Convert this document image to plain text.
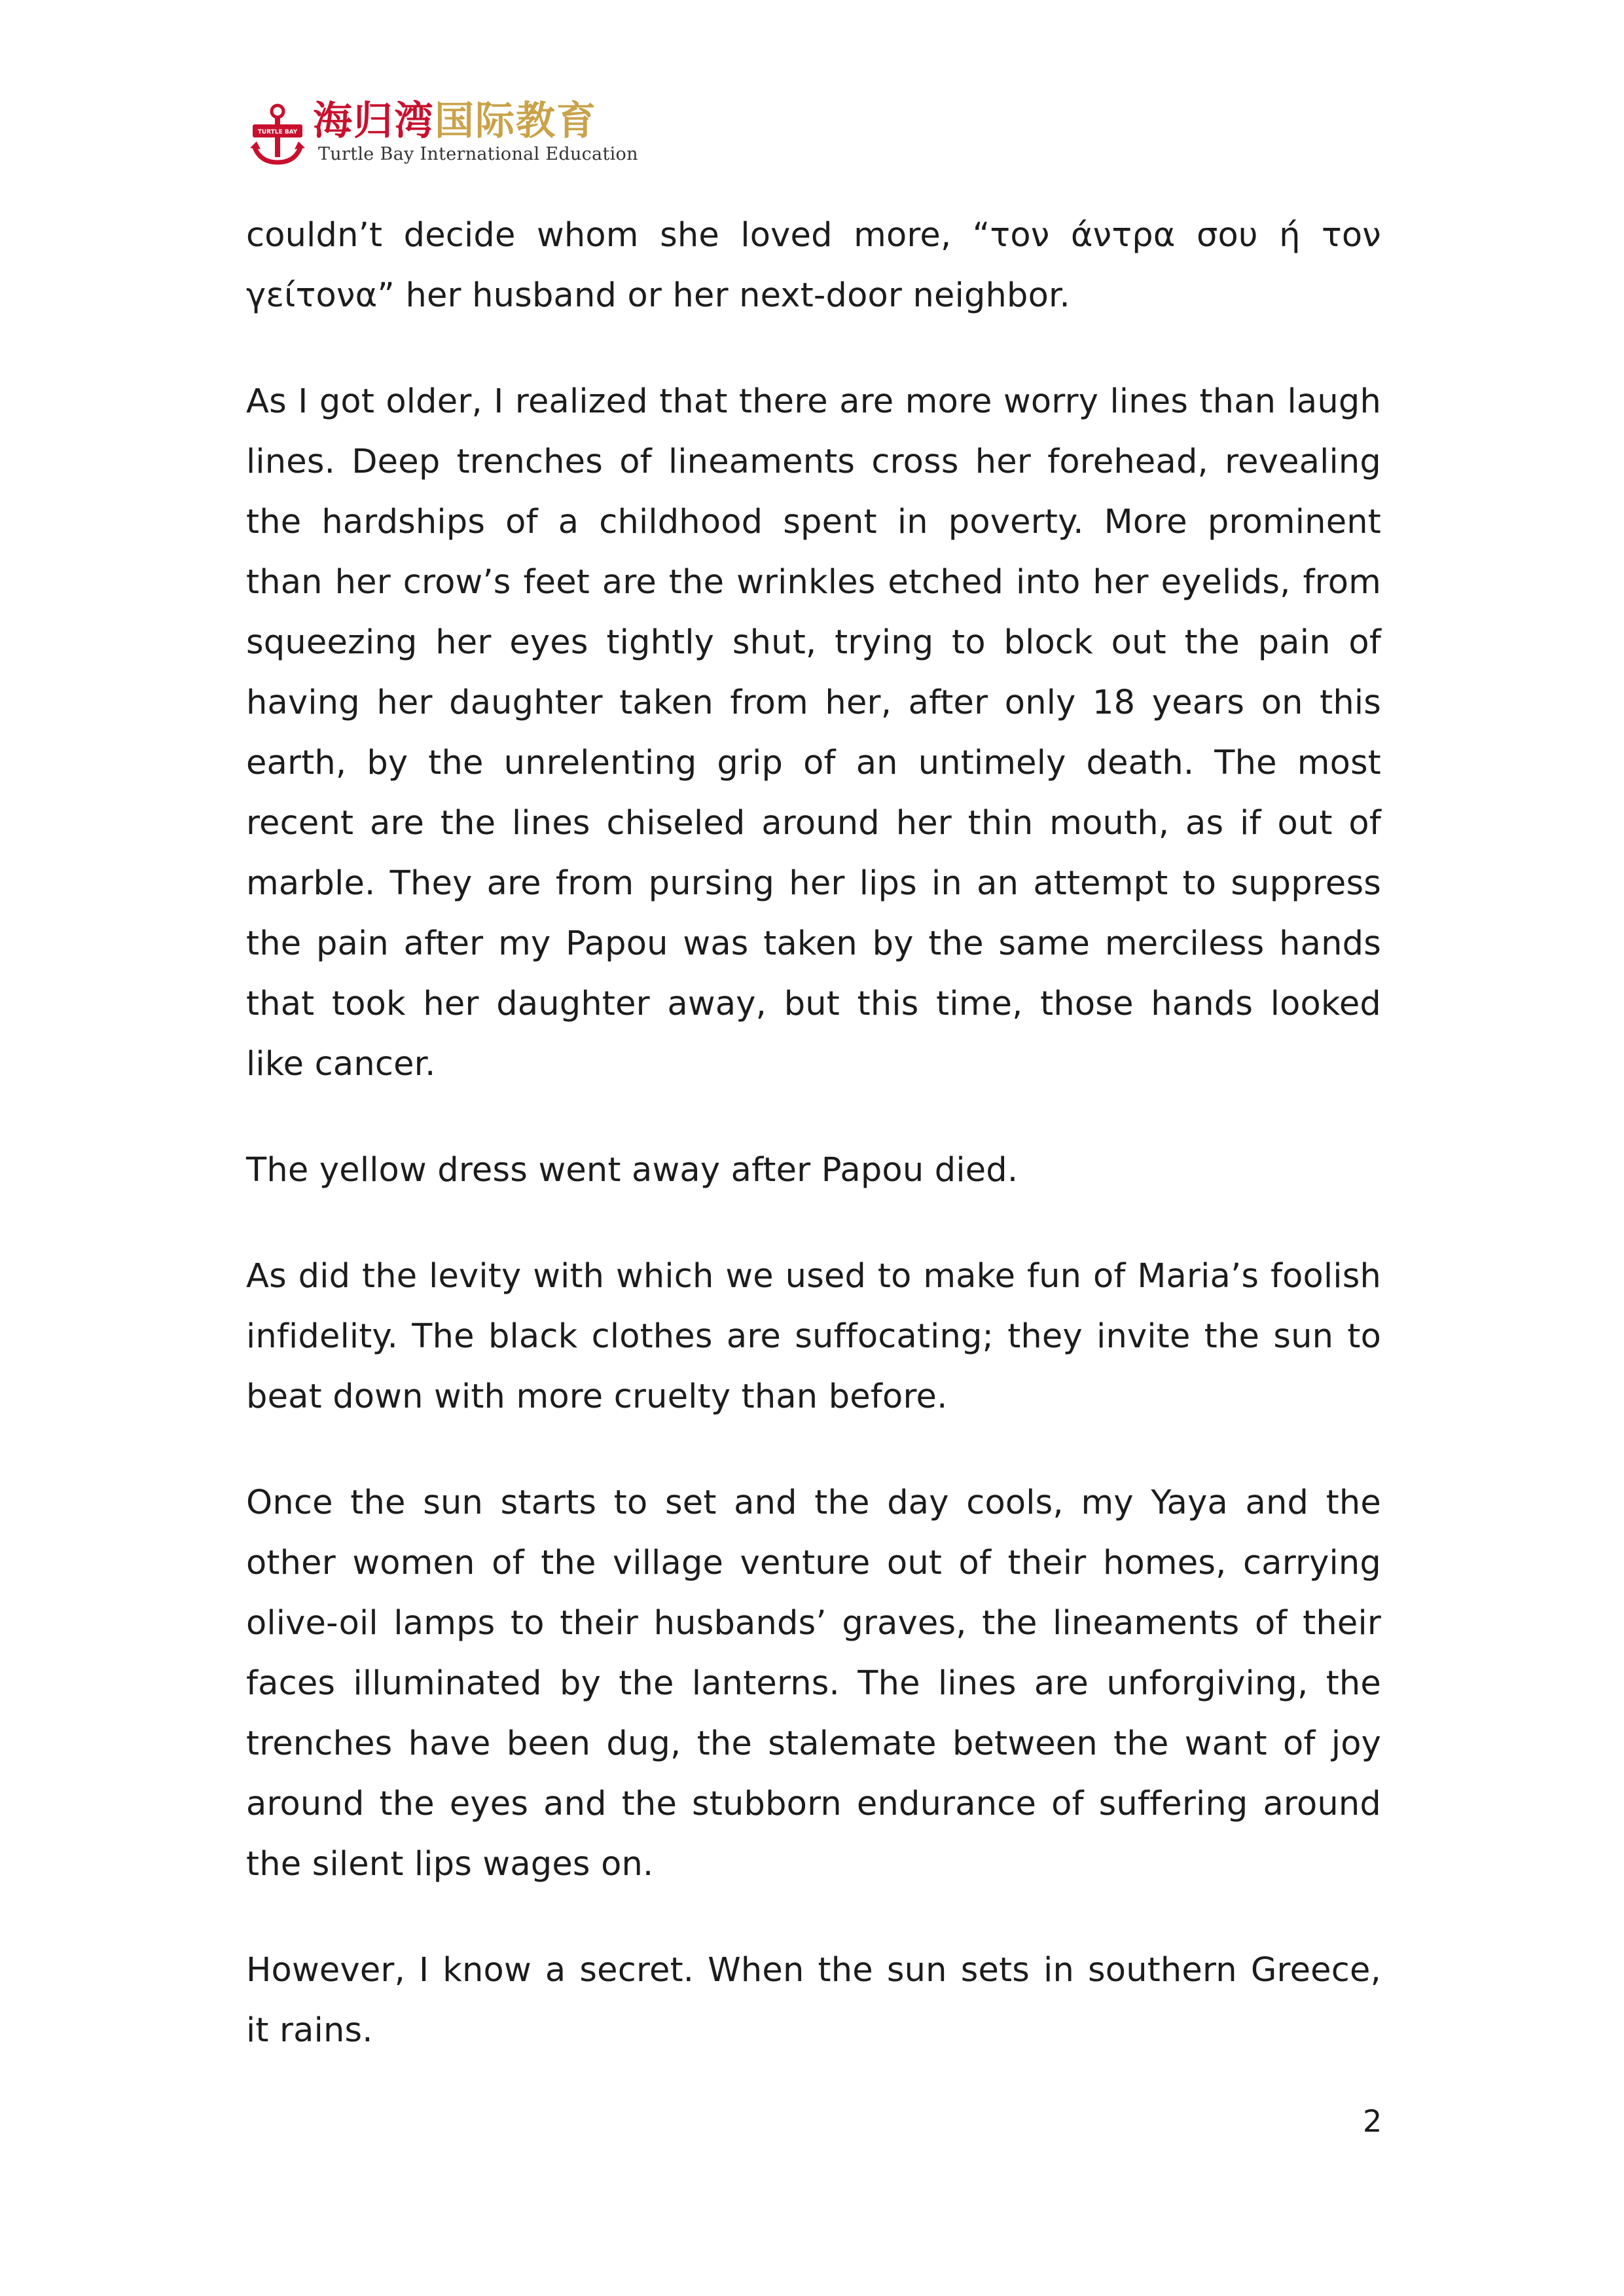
TURTLE BAY 海归湾国际教育
Turtle Bay International Education

couldn’t decide whom she loved more, “τον άντρα σου ή τον γείτονα” her husband or her next-door neighbor.

As I got older, I realized that there are more worry lines than laugh lines. Deep trenches of lineaments cross her forehead, revealing the hardships of a childhood spent in poverty. More prominent than her crow’s feet are the wrinkles etched into her eyelids, from squeezing her eyes tightly shut, trying to block out the pain of having her daughter taken from her, after only 18 years on this earth, by the unrelenting grip of an untimely death. The most recent are the lines chiseled around her thin mouth, as if out of marble. They are from pursing her lips in an attempt to suppress the pain after my Papou was taken by the same merciless hands that took her daughter away, but this time, those hands looked like cancer.

The yellow dress went away after Papou died.

As did the levity with which we used to make fun of Maria’s foolish infidelity. The black clothes are suffocating; they invite the sun to beat down with more cruelty than before.

Once the sun starts to set and the day cools, my Yaya and the other women of the village venture out of their homes, carrying olive-oil lamps to their husbands’ graves, the lineaments of their faces illuminated by the lanterns. The lines are unforgiving, the trenches have been dug, the stalemate between the want of joy around the eyes and the stubborn endurance of suffering around the silent lips wages on.

However, I know a secret. When the sun sets in southern Greece, it rains.

2
